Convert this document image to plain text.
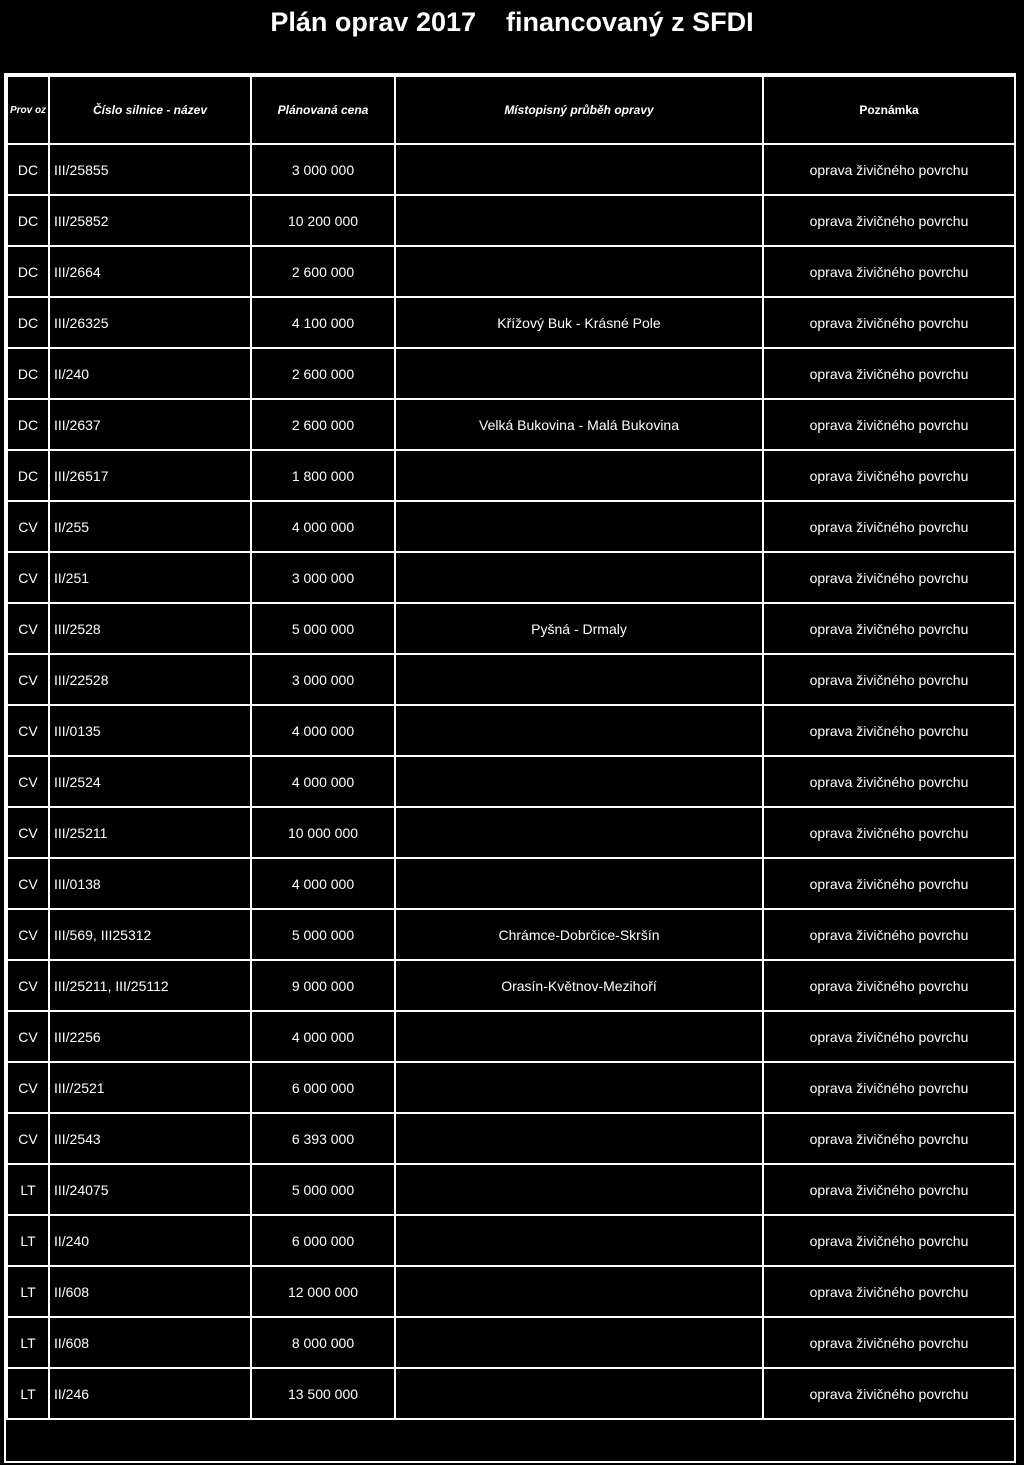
Plán oprav 2017    financovaný z SFDI
Prov oz	Číslo silnice - název	Plánovaná cena	Místopisný průběh opravy	Poznámka
DC	III/25855	3 000 000		oprava živičného povrchu
DC	III/25852	10 200 000		oprava živičného povrchu
DC	III/2664	2 600 000		oprava živičného povrchu
DC	III/26325	4 100 000	Křížový Buk - Krásné Pole	oprava živičného povrchu
DC	II/240	2 600 000		oprava živičného povrchu
DC	III/2637	2 600 000	Velká Bukovina - Malá Bukovina	oprava živičného povrchu
DC	III/26517	1 800 000		oprava živičného povrchu
CV	II/255	4 000 000		oprava živičného povrchu
CV	II/251	3 000 000		oprava živičného povrchu
CV	III/2528	5 000 000	Pyšná - Drmaly	oprava živičného povrchu
CV	III/22528	3 000 000		oprava živičného povrchu
CV	III/0135	4 000 000		oprava živičného povrchu
CV	III/2524	4 000 000		oprava živičného povrchu
CV	III/25211	10 000 000		oprava živičného povrchu
CV	III/0138	4 000 000		oprava živičného povrchu
CV	III/569, III25312	5 000 000	Chrámce-Dobrčice-Skršín	oprava živičného povrchu
CV	III/25211, III/25112	9 000 000	Orasín-Květnov-Mezihoří	oprava živičného povrchu
CV	III/2256	4 000 000		oprava živičného povrchu
CV	III//2521	6 000 000		oprava živičného povrchu
CV	III/2543	6 393 000		oprava živičného povrchu
LT	III/24075	5 000 000		oprava živičného povrchu
LT	II/240	6 000 000		oprava živičného povrchu
LT	II/608	12 000 000		oprava živičného povrchu
LT	II/608	8 000 000		oprava živičného povrchu
LT	II/246	13 500 000		oprava živičného povrchu
